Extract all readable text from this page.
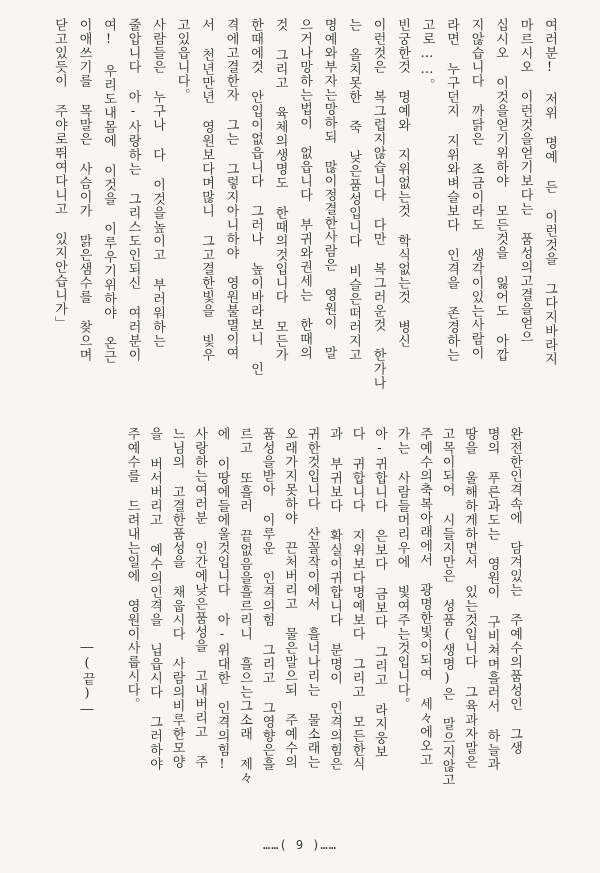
여러분! 저위 명예 든 이런것을 그다지바라지
마르시오 이런것을얻기보다는 품성의고결을얻으
십시오 이것을얻기위하야 모든것을 잃어도 아깝
지않습니다 까닭은 조금이라도 생각이있는사람이
라면 누구던지 지위와벼슬보다 인격을 존경하는
고로……。
빈궁한것 명예와 지위없는것 학식없는것 병신
이런것은 복그럽지않습니다 다만 복그러운것 한가나
는 올치못한 죽 낮은품성입니다 비슬은떠러지고
명예와부자는망하되 많이정결한사람은 영원이 말
으거나망하는법이 없읍니다 부귀와권세는 한때의
것 그리고 육체의생명도 한때의것입니다 모든가
한때에것 안입이없읍니다 그러나 높이바라보니 인
격에고결한자 그는 그렇지아니하야 영원불멸이여
서 천년만년 영원보다며많니 그고결한빛을 빛우
고있읍니다。
사람들은 누구나 다 이것을높이고 부러워하는
줄압니다 아-사랑하는 그리스도인되신 여러분이
여! 우리도내몸에 이것을 이루우기위하야 온근
이애쓰기를 목말은 사슴이가 맑은샘수를 찾으며
닫고있듯이 주야로뛰여다니고 있지안습니가」
완전한인격속에 담겨있는 주예수의품성인 그생
명의 푸른과도는 영원이 구비쳐며흘러서 하늘과
땅을 울해하게하면서 있는것입니다 그육과자말은
고목이되어 시들지만은 성품(생명)은 말으지않고
주예수의축복아래에서 광명한빛이되여 세々에오고
가는 사람들머리우에 빛여주는것입니다。
아-귀합니다 은보다 금보다 그리고 라지웅보
다 귀합니다 지위보다명예보다 그리고 모든한식
과 부귀보다 확실이귀합니다 분명이 인격의힘은
귀한것입니다 산꼴작이에서 흘너나리는 물소래는
오래가지못하야 끈처버리고 물은말으되 주예수의
품성을받아 이루운 인격의힘 그리고 그영향은흘
르고 또흘러 끝없음을흘르리니 흘으는그소래 제々
에 이땅에들에울것입니다 아-위대한 인격의힘!
사랑하는여러분 인간에낮은품성을 고내버리고 주
느님의 고결한품성을 채웁시다 사람의비루한모양
을 버서버리고 예수의인격을 닙읍시다 그러하야
주예수를 드려내는일에 영원이사룹시다。
―(끝)―
……( 9 )……
